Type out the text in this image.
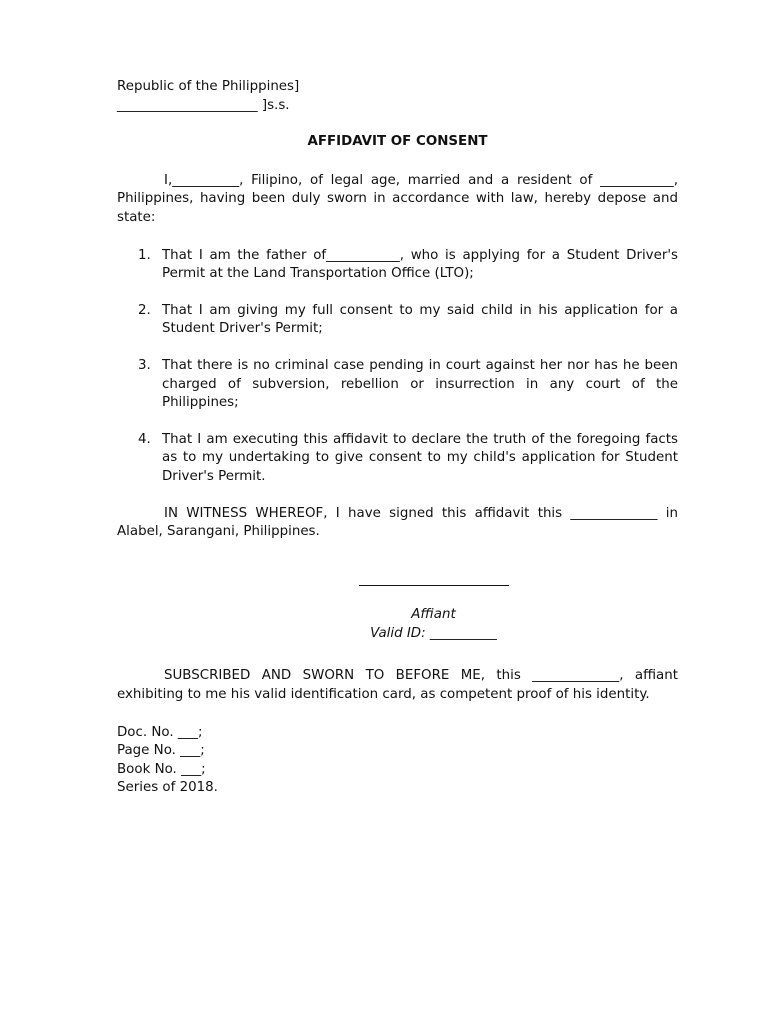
Republic of the Philippines]
_____________________ ]s.s.
AFFIDAVIT OF CONSENT
I,__________, Filipino, of legal age, married and a resident of ___________, Philippines, having been duly sworn in accordance with law, hereby depose and state:
1. That I am the father of___________, who is applying for a Student Driver's Permit at the Land Transportation Office (LTO);
2. That I am giving my full consent to my said child in his application for a Student Driver's Permit;
3. That there is no criminal case pending in court against her nor has he been charged of subversion, rebellion or insurrection in any court of the Philippines;
4. That I am executing this affidavit to declare the truth of the foregoing facts as to my undertaking to give consent to my child's application for Student Driver's Permit.
IN WITNESS WHEREOF, I have signed this affidavit this _____________ in Alabel, Sarangani, Philippines.
Affiant
Valid ID: __________
SUBSCRIBED AND SWORN TO BEFORE ME, this _____________, affiant exhibiting to me his valid identification card, as competent proof of his identity.
Doc. No. ___;
Page No. ___;
Book No. ___;
Series of 2018.
